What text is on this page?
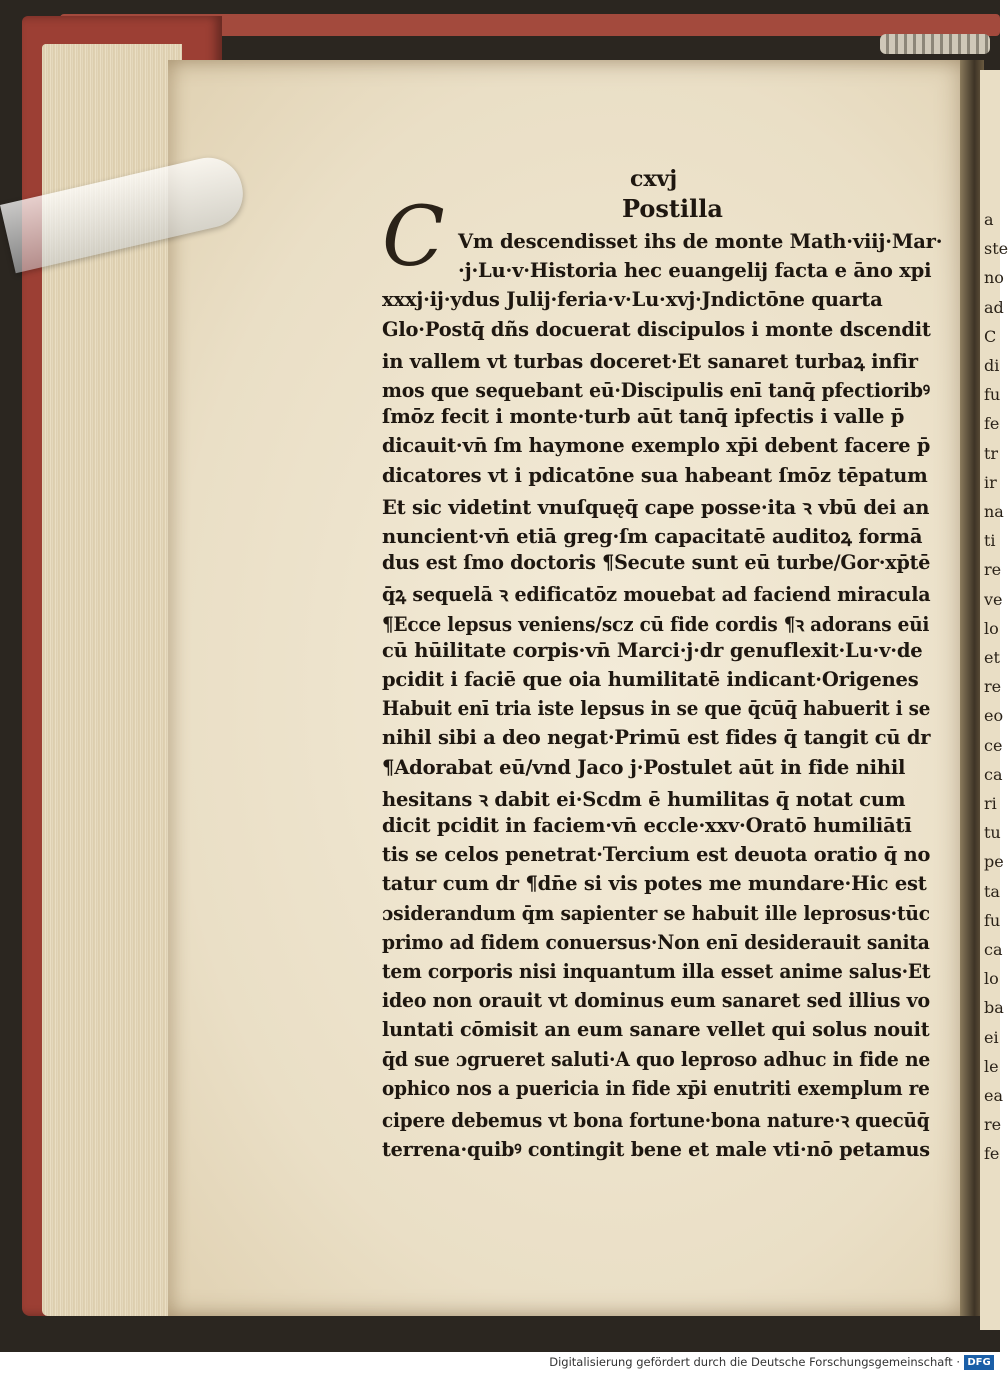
a
ste
no
ad
C
di
fu
fe
tr
ir
na
ti
re
ve
lo
et
re
eo
ce
ca
ri
tu
pe
ta
fu
ca
lo
ba
ei
le
ea
re
fe
cxvj
Postilla
C Vm descendisset ihs de monte Math·viij·Mar·
·j·Lu·v·Historia hec euangelij facta e āno xpi
xxxj·ij·ydus Julij·feria·v·Lu·xvj·Jndictōne quarta
Glo·Postq̄ dñs docuerat discipulos i monte dscendit
in vallem vt turbas doceret·Et sanaret turbaꝝ infir
mos que sequebant eū·Discipulis enī tanq̄ pfectioribꝰ
ſmōz fecit i monte·turb aūt tanq̄ ipfectis i valle p̄
dicauit·vn̄ ſm haymone exemplo xp̄i debent facere p̄
dicatores vt i pdicatōne sua habeant ſmōz tēpatum
Et sic videtint vnuſquęq̄ cape posse·ita ꝛ vbū dei an
nuncient·vn̄ etiā greg·ſm capacitatē auditoꝝ formā
dus est ſmo doctoris ¶Secute sunt eū turbe/Gor·xp̄tē
q̄ꝝ sequelā ꝛ edificatōz mouebat ad faciend miracula
¶Ecce lepsus veniens/scz cū fide cordis ¶ꝛ adorans eūi
cū hūilitate corpis·vn̄ Marci·j·dr genuflexit·Lu·v·de
pcidit i faciē que oia humilitatē indicant·Origenes
Habuit enī tria iste lepsus in se que q̄cūq̄ habuerit i se
nihil sibi a deo negat·Primū est fides q̄ tangit cū dr
¶Adorabat eū/vnd Jaco j·Postulet aūt in fide nihil
hesitans ꝛ dabit ei·Scdm ē humilitas q̄ notat cum
dicit pcidit in faciem·vn̄ eccle·xxv·Oratō humiliātī
tis se celos penetrat·Tercium est deuota oratio q̄ no
tatur cum dr ¶dn̄e si vis potes me mundare·Hic est
ɔsiderandum q̄m sapienter se habuit ille leprosus·tūc
primo ad fidem conuersus·Non enī desiderauit sanita
tem corporis nisi inquantum illa esset anime salus·Et
ideo non orauit vt dominus eum sanaret sed illius vo
luntati cōmisit an eum sanare vellet qui solus nouit
q̄d sue ɔgrueret saluti·A quo leproso adhuc in fide ne
ophico nos a puericia in fide xp̄i enutriti exemplum re
cipere debemus vt bona fortune·bona nature·ꝛ quecūq̄
terrena·quibꝰ contingit bene et male vti·nō petamus
Digitalisierung gefördert durch die Deutsche Forschungsgemeinschaft · DFG
